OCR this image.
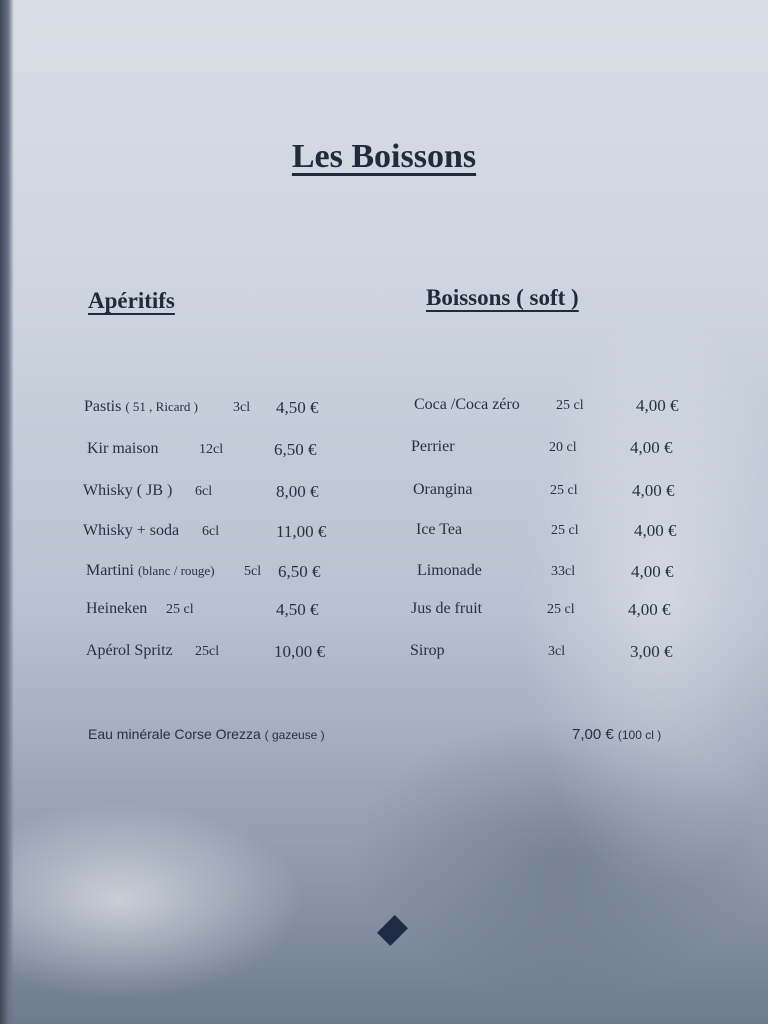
Les Boissons
Apéritifs	Boissons ( soft )
Pastis ( 51 , Ricard )	3cl 4,50 €
Kir maison	12cl	6,50 €
Whisky ( JB ) 6cl	8,00 €
Whisky + soda 6cl	11,00 €
Martini (blanc / rouge) 5cl 6,50 €
Heineken 25 cl	4,50 €
Apérol Spritz 25cl	10,00 €
Coca /Coca zéro	25 cl	4,00 €
Perrier	20 cl	4,00 €
Orangina	25 cl	4,00 €
Ice Tea	25 cl	4,00 €
Limonade	33cl	4,00 €
Jus de fruit	25 cl	4,00 €
Sirop	3cl	3,00 €
Eau minérale Corse Orezza ( gazeuse )	7,00 € (100 cl )
